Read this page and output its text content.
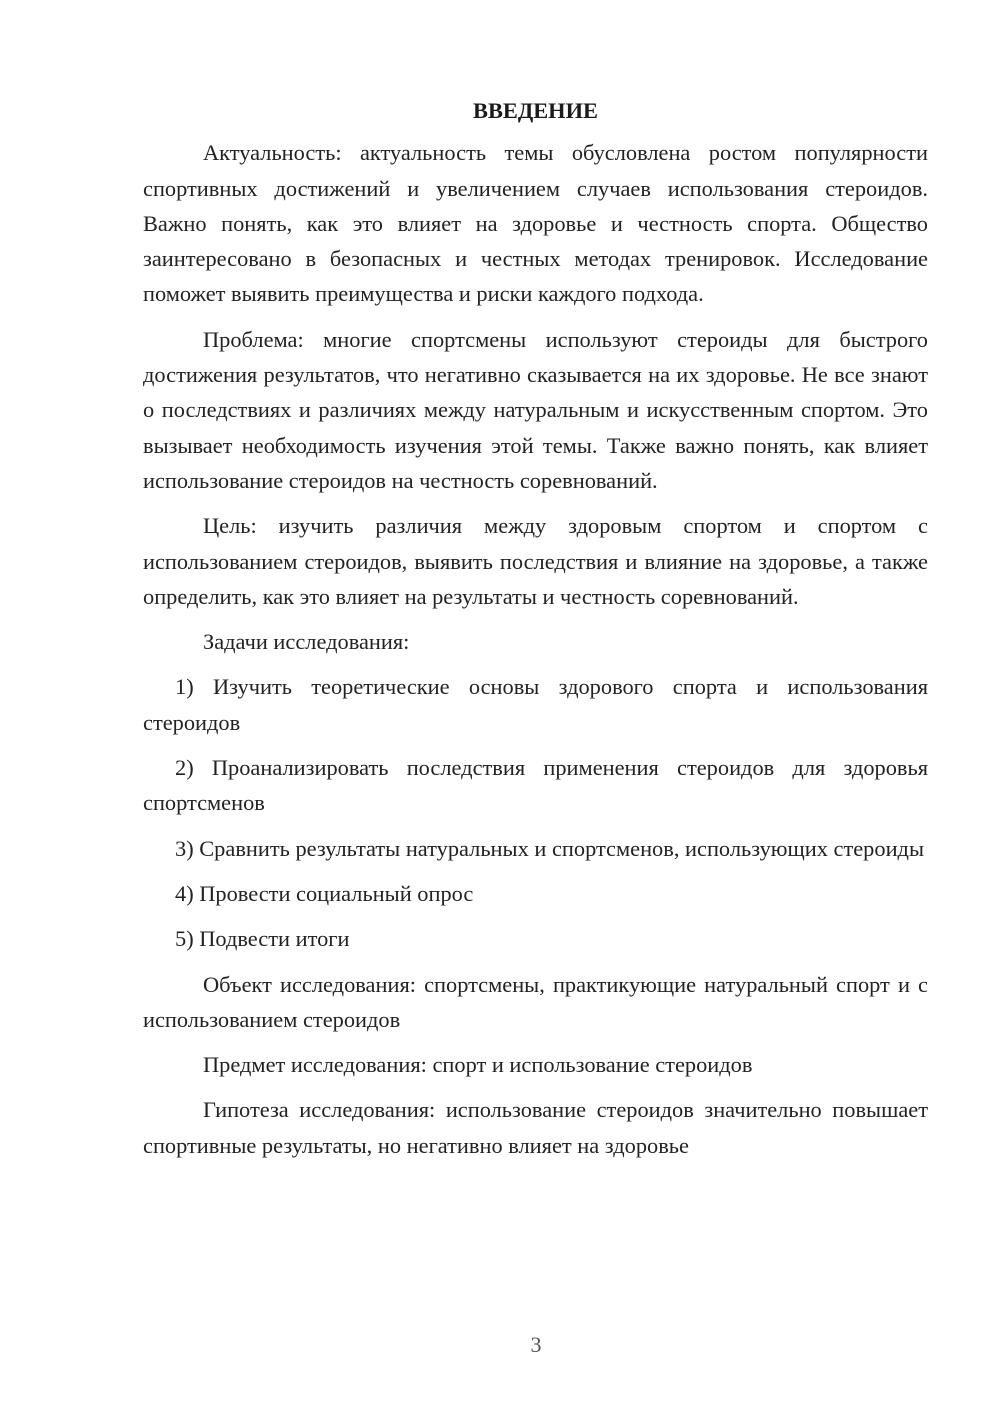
ВВЕДЕНИЕ

Актуальность: актуальность темы обусловлена ростом популярности спортивных достижений и увеличением случаев использования стероидов. Важно понять, как это влияет на здоровье и честность спорта. Общество заинтересовано в безопасных и честных методах тренировок. Исследование поможет выявить преимущества и риски каждого подхода.

Проблема: многие спортсмены используют стероиды для быстрого достижения результатов, что негативно сказывается на их здоровье. Не все знают о последствиях и различиях между натуральным и искусственным спортом. Это вызывает необходимость изучения этой темы. Также важно понять, как влияет использование стероидов на честность соревнований.

Цель: изучить различия между здоровым спортом и спортом с использованием стероидов, выявить последствия и влияние на здоровье, а также определить, как это влияет на результаты и честность соревнований.

Задачи исследования:

1) Изучить теоретические основы здорового спорта и использования стероидов

2) Проанализировать последствия применения стероидов для здоровья спортсменов

3) Сравнить результаты натуральных и спортсменов, использующих стероиды

4) Провести социальный опрос

5) Подвести итоги

Объект исследования: спортсмены, практикующие натуральный спорт и с использованием стероидов

Предмет исследования: спорт и использование стероидов

Гипотеза исследования: использование стероидов значительно повышает спортивные результаты, но негативно влияет на здоровье

3
